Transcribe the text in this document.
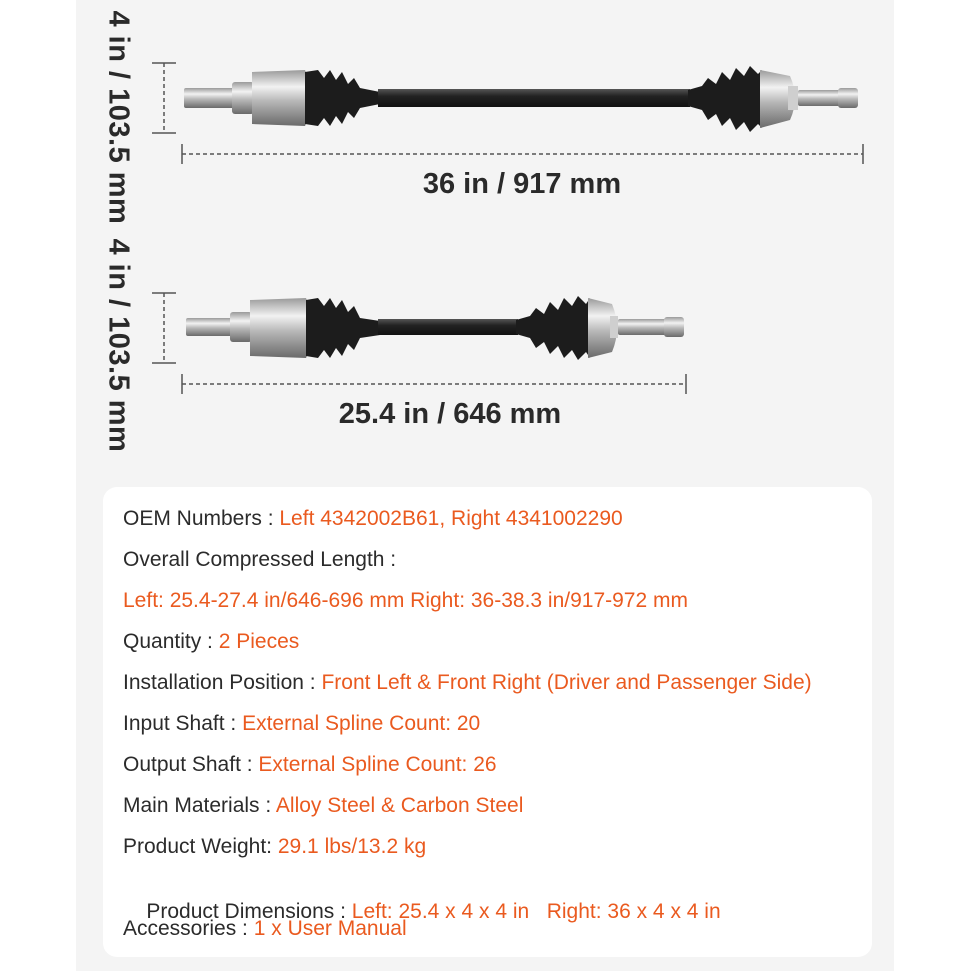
4 in / 103.5 mm
4 in / 103.5 mm
36 in / 917 mm
25.4 in / 646 mm
OEM Numbers : Left 4342002B61, Right 4341002290
Overall Compressed Length :
Left: 25.4-27.4 in/646-696 mm Right: 36-38.3 in/917-972 mm
Quantity : 2 Pieces
Installation Position : Front Left & Front Right (Driver and Passenger Side)
Input Shaft : External Spline Count: 20
Output Shaft : External Spline Count: 26
Main Materials : Alloy Steel & Carbon Steel
Product Weight: 29.1 lbs/13.2 kg

Product Dimensions : Left: 25.4 x 4 x 4 in   Right: 36 x 4 x 4 in

Accessories : 1 x User Manual
